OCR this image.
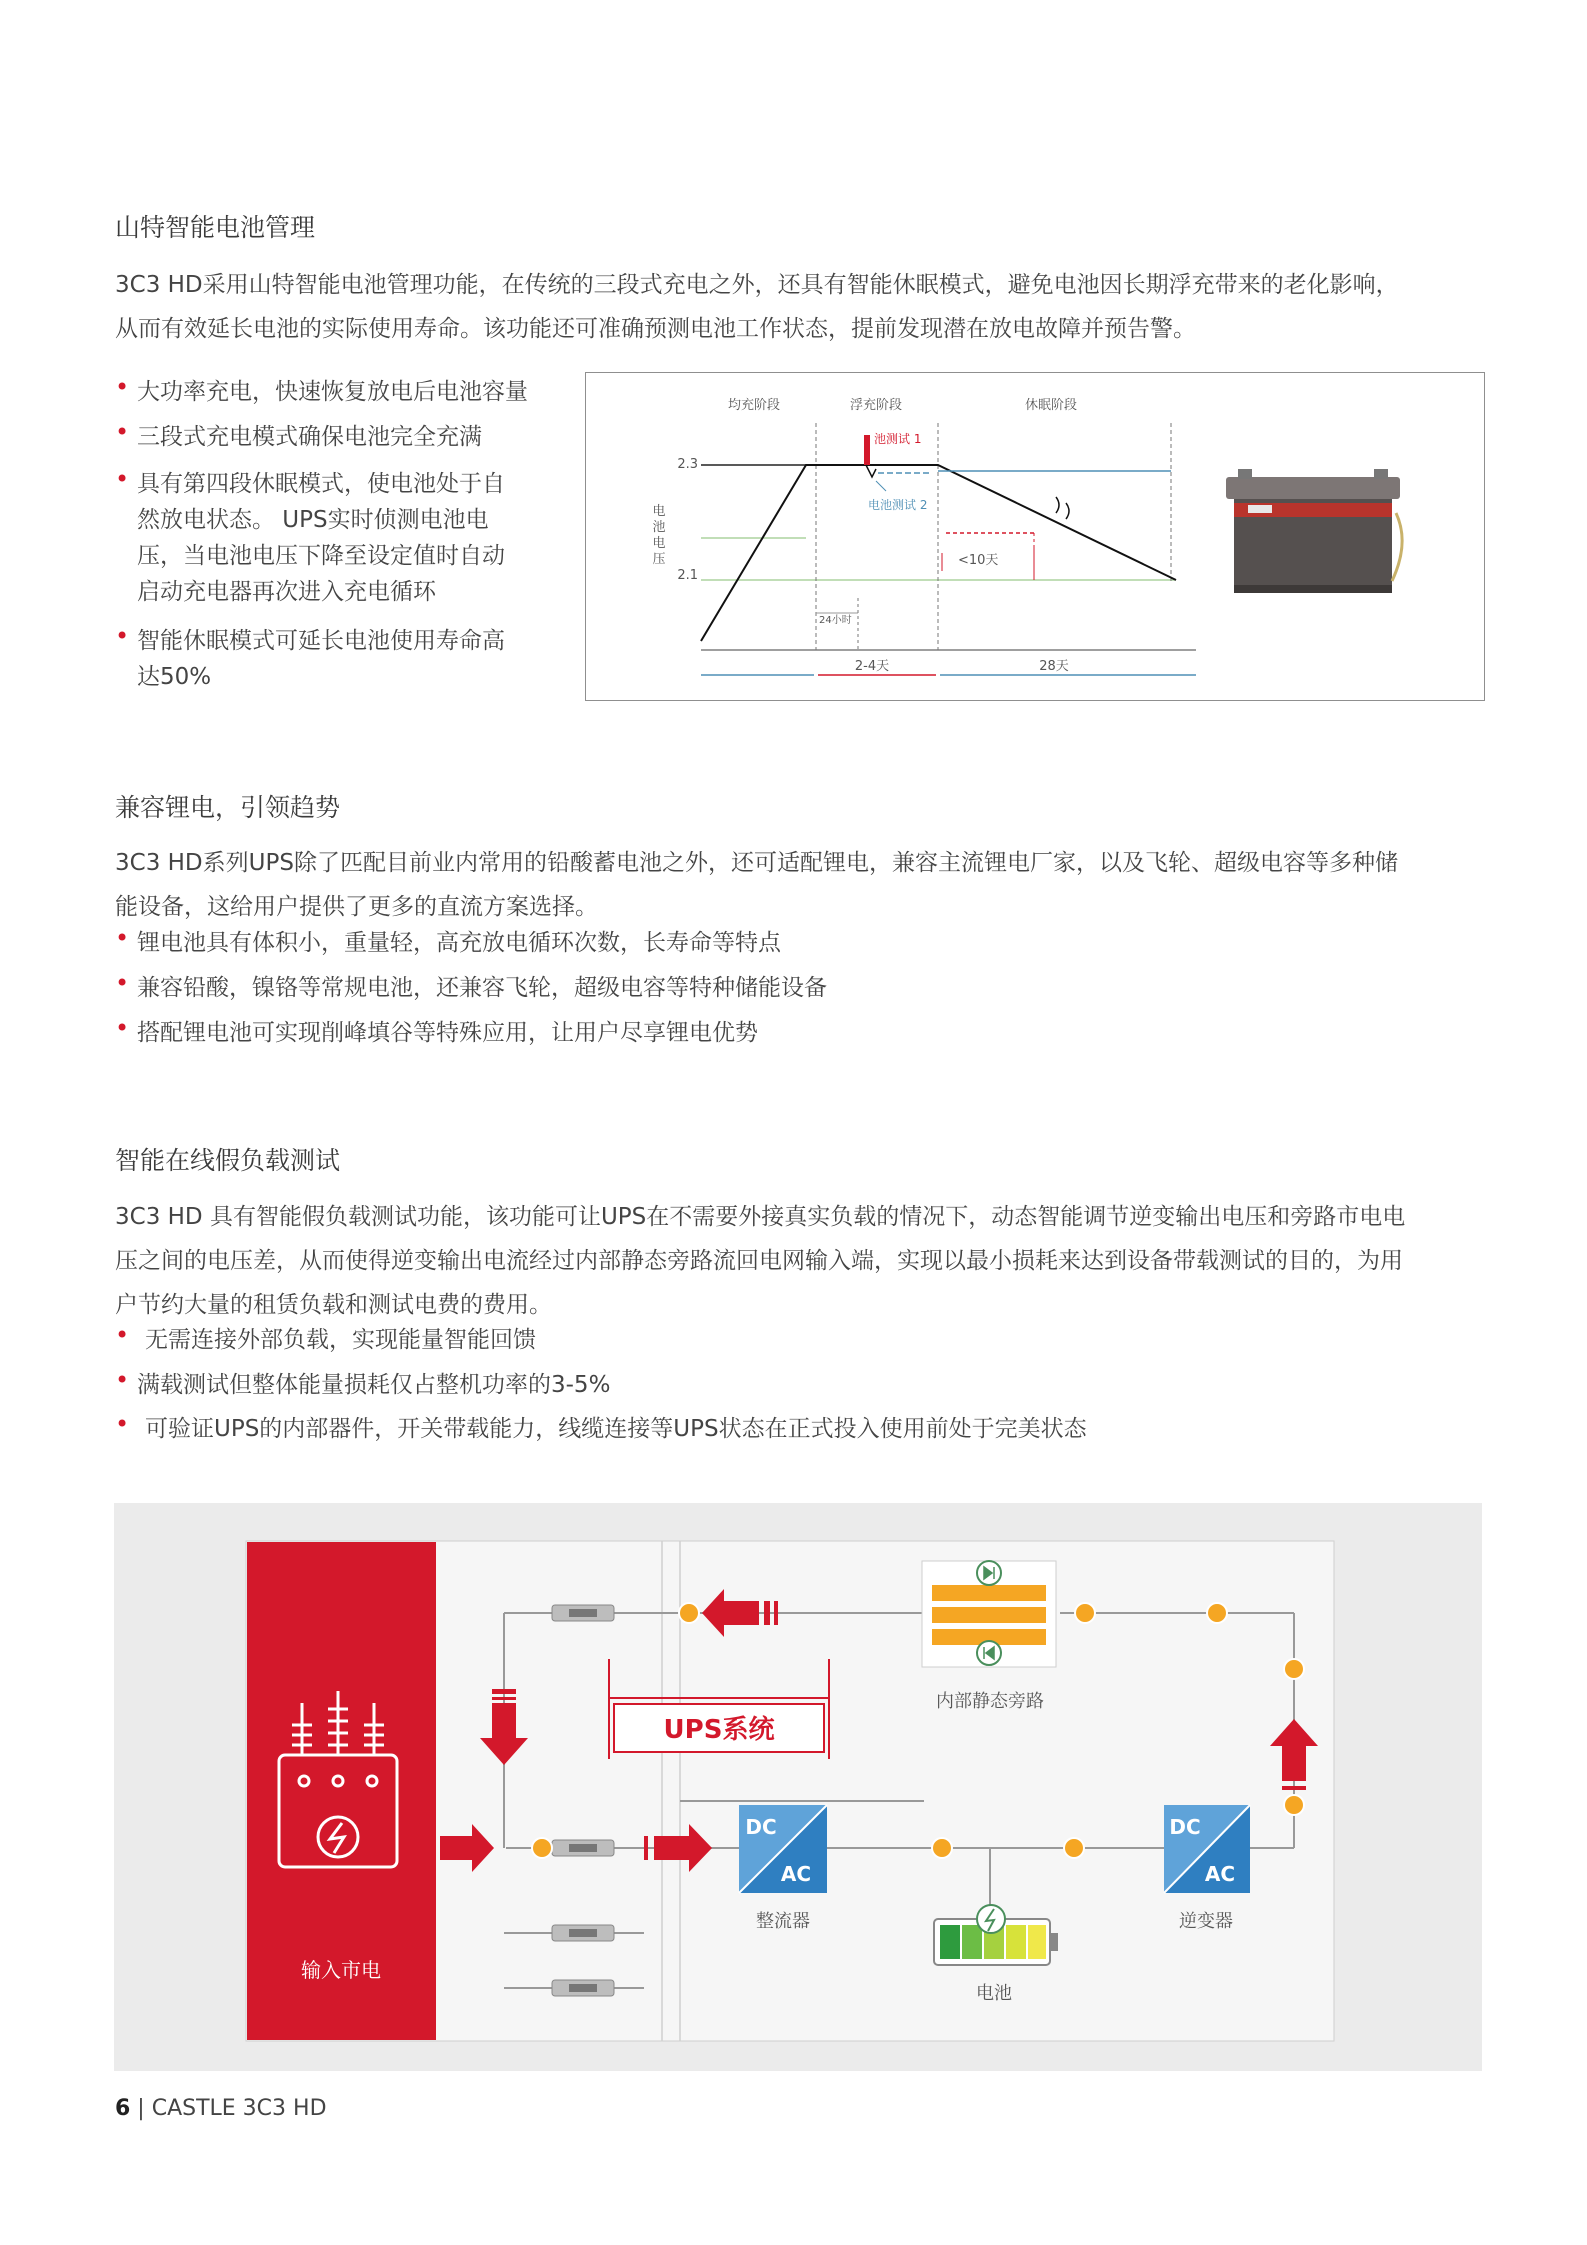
山特智能电池管理
3C3 HD采用山特智能电池管理功能，在传统的三段式充电之外，还具有智能休眠模式，避免电池因长期浮充带来的老化影响，
从而有效延长电池的实际使用寿命。该功能还可准确预测电池工作状态，提前发现潜在放电故障并预告警。
• 大功率充电，快速恢复放电后电池容量
• 三段式充电模式确保电池完全充满
• 具有第四段休眠模式，使电池处于自
然放电状态。 UPS实时侦测电池电
压，当电池电压下降至设定值时自动
启动充电器再次进入充电循环
• 智能休眠模式可延长电池使用寿命高
达50%
均充阶段	浮充阶段	休眠阶段
电
池
电
压
2.3
2.1
池测试 1
电池测试 2
<10天
24小时
2-4天	28天
兼容锂电，引领趋势
3C3 HD系列UPS除了匹配目前业内常用的铅酸蓄电池之外，还可适配锂电，兼容主流锂电厂家，以及飞轮、超级电容等多种储
能设备，这给用户提供了更多的直流方案选择。
• 锂电池具有体积小，重量轻，高充放电循环次数，长寿命等特点
• 兼容铅酸，镍铬等常规电池，还兼容飞轮，超级电容等特种储能设备
• 搭配锂电池可实现削峰填谷等特殊应用，让用户尽享锂电优势
智能在线假负载测试
3C3 HD 具有智能假负载测试功能，该功能可让UPS在不需要外接真实负载的情况下，动态智能调节逆变输出电压和旁路市电电
压之间的电压差，从而使得逆变输出电流经过内部静态旁路流回电网输入端，实现以最小损耗来达到设备带载测试的目的，为用
户节约大量的租赁负载和测试电费的费用。
• 无需连接外部负载，实现能量智能回馈
• 满载测试但整体能量损耗仅占整机功率的3-5%
• 可验证UPS的内部器件，开关带载能力，线缆连接等UPS状态在正式投入使用前处于完美状态
输入市电
UPS系统
内部静态旁路
DC
AC
整流器
DC
AC
逆变器
电池
6 | CASTLE 3C3 HD
